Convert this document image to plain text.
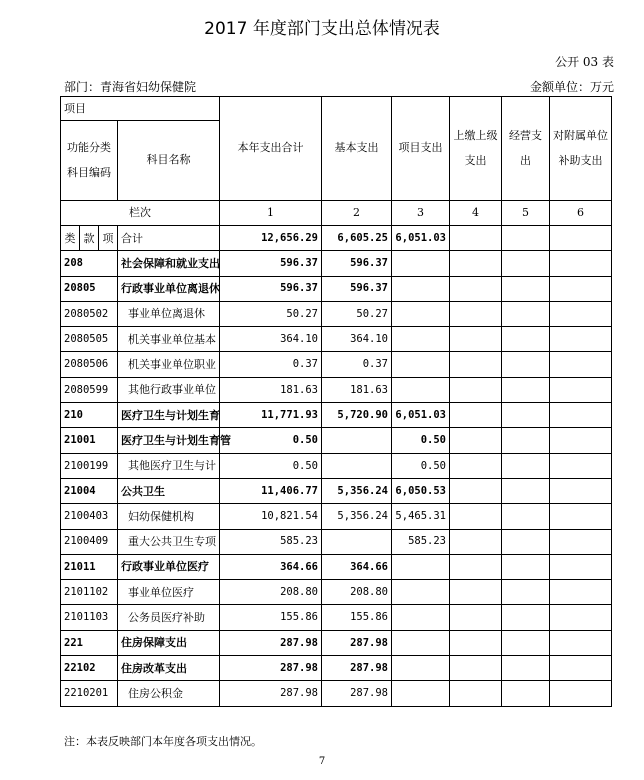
2017 年度部门支出总体情况表
公开 03 表
部门：青海省妇幼保健院	金额单位：万元
项目				本年支出合计	基本支出	项目支出	上缴上级支出	经营支出	对附属单位补助支出
功能分类科目编码			科目名称						
栏次				1	2	3	4	5	6
类	款	项	合计	12,656.29	6,605.25	6,051.03			
208			社会保障和就业支出	596.37	596.37				
20805			行政事业单位离退休	596.37	596.37				
2080502			事业单位离退休	50.27	50.27				
2080505			机关事业单位基本	364.10	364.10				
2080506			机关事业单位职业	0.37	0.37				
2080599			其他行政事业单位	181.63	181.63				
210			医疗卫生与计划生育	11,771.93	5,720.90	6,051.03			
21001			医疗卫生与计划生育管	0.50		0.50			
2100199			其他医疗卫生与计	0.50		0.50			
21004			公共卫生	11,406.77	5,356.24	6,050.53			
2100403			妇幼保健机构	10,821.54	5,356.24	5,465.31			
2100409			重大公共卫生专项	585.23		585.23			
21011			行政事业单位医疗	364.66	364.66				
2101102			事业单位医疗	208.80	208.80				
2101103			公务员医疗补助	155.86	155.86				
221			住房保障支出	287.98	287.98				
22102			住房改革支出	287.98	287.98				
2210201			住房公积金	287.98	287.98				
注：本表反映部门本年度各项支出情况。
7
